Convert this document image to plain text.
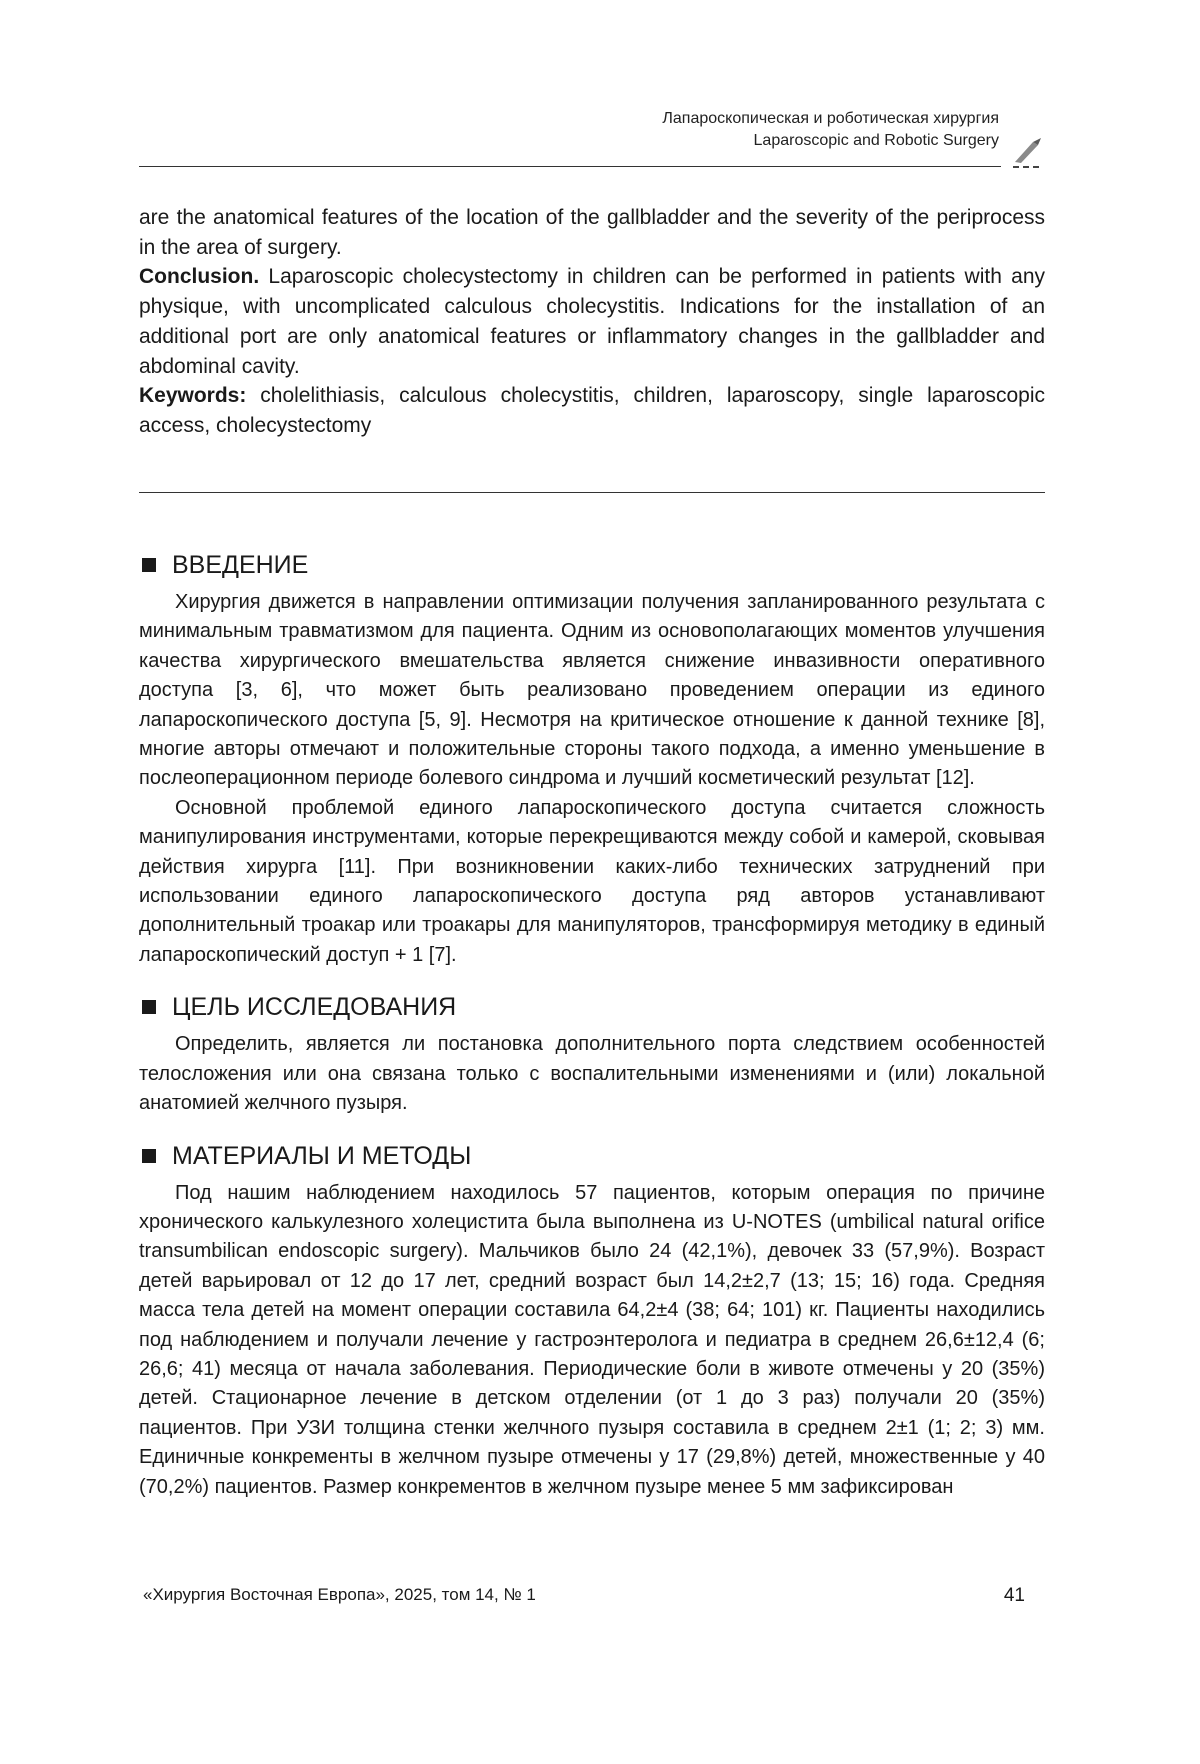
Лапароскопическая и роботическая хирургия
Laparoscopic and Robotic Surgery

are the anatomical features of the location of the gallbladder and the severity of the periprocess in the area of surgery.

Conclusion. Laparoscopic cholecystectomy in children can be performed in patients with any physique, with uncomplicated calculous cholecystitis. Indications for the installation of an additional port are only anatomical features or inflammatory changes in the gallbladder and abdominal cavity.

Keywords: cholelithiasis, calculous cholecystitis, children, laparoscopy, single laparoscopic access, cholecystectomy

ВВЕДЕНИЕ

Хирургия движется в направлении оптимизации получения запланированного результата с минимальным травматизмом для пациента. Одним из основополагающих моментов улучшения качества хирургического вмешательства является снижение инвазивности оперативного доступа [3, 6], что может быть реализовано проведением операции из единого лапароскопического доступа [5, 9]. Несмотря на критическое отношение к данной технике [8], многие авторы отмечают и положительные стороны такого подхода, а именно уменьшение в послеоперационном периоде болевого синдрома и лучший косметический результат [12].

Основной проблемой единого лапароскопического доступа считается сложность манипулирования инструментами, которые перекрещиваются между собой и камерой, сковывая действия хирурга [11]. При возникновении каких-либо технических затруднений при использовании единого лапароскопического доступа ряд авторов устанавливают дополнительный троакар или троакары для манипуляторов, трансформируя методику в единый лапароскопический доступ + 1 [7].

ЦЕЛЬ ИССЛЕДОВАНИЯ

Определить, является ли постановка дополнительного порта следствием особенностей телосложения или она связана только с воспалительными изменениями и (или) локальной анатомией желчного пузыря.

МАТЕРИАЛЫ И МЕТОДЫ

Под нашим наблюдением находилось 57 пациентов, которым операция по причине хронического калькулезного холецистита была выполнена из U-NOTES (umbilical natural orifice transumbilican endoscopic surgery). Мальчиков было 24 (42,1%), девочек 33 (57,9%). Возраст детей варьировал от 12 до 17 лет, средний возраст был 14,2±2,7 (13; 15; 16) года. Средняя масса тела детей на момент операции составила 64,2±4 (38; 64; 101) кг. Пациенты находились под наблюдением и получали лечение у гастроэнтеролога и педиатра в среднем 26,6±12,4 (6; 26,6; 41) месяца от начала заболевания. Периодические боли в животе отмечены у 20 (35%) детей. Стационарное лечение в детском отделении (от 1 до 3 раз) получали 20 (35%) пациентов. При УЗИ толщина стенки желчного пузыря составила в среднем 2±1 (1; 2; 3) мм. Единичные конкременты в желчном пузыре отмечены у 17 (29,8%) детей, множественные у 40 (70,2%) пациентов. Размер конкрементов в желчном пузыре менее 5 мм зафиксирован

«Хирургия Восточная Европа», 2025, том 14, № 1	41
